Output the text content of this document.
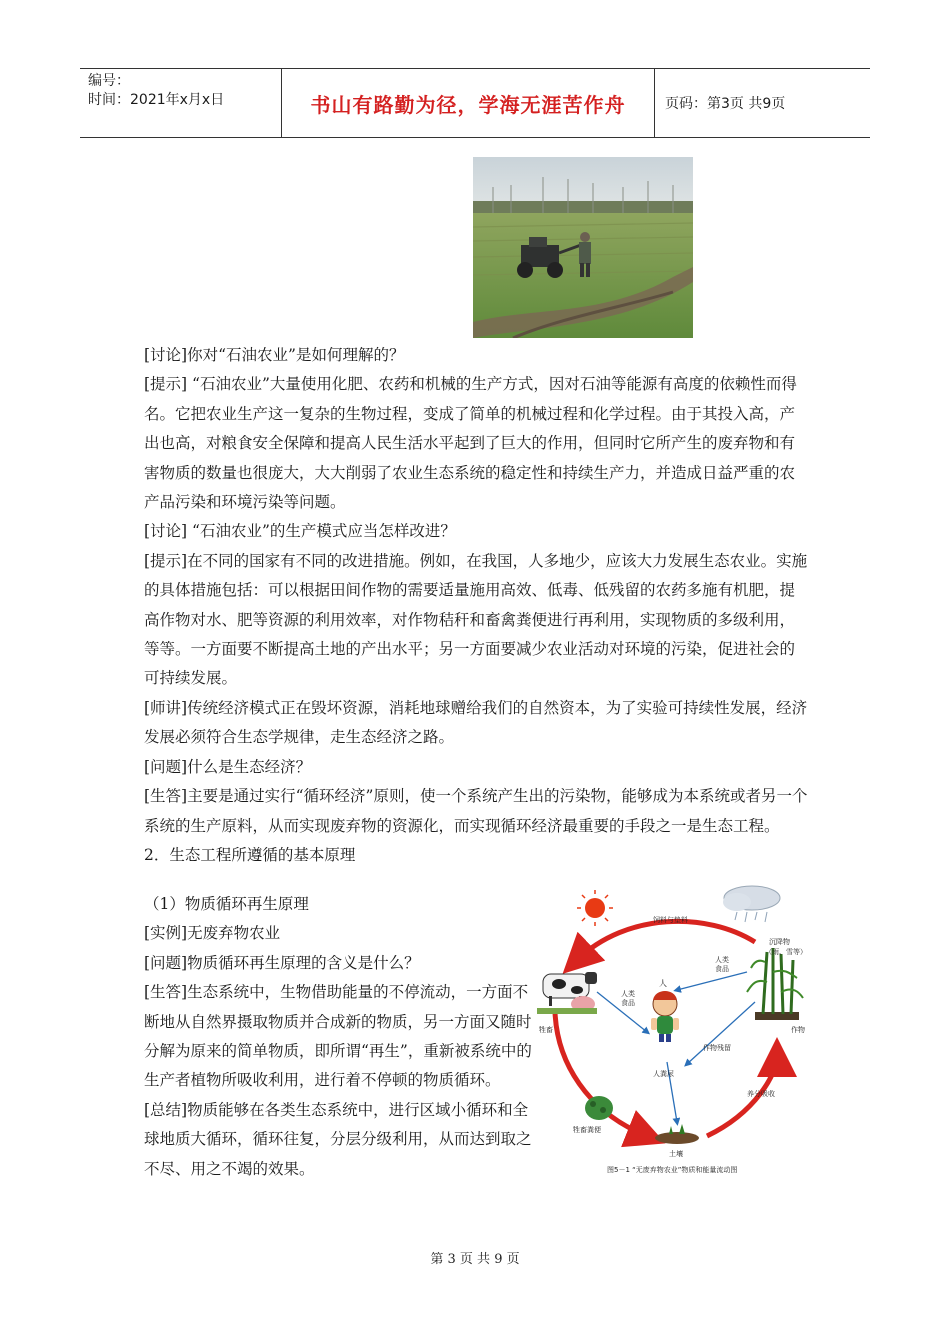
编号：
时间：2021年x月x日	书山有路勤为径，学海无涯苦作舟	页码：第3页 共9页

[讨论]你对“石油农业”是如何理解的？

[提示] “石油农业”大量使用化肥、农药和机械的生产方式，因对石油等能源有高度的依赖性而得名。它把农业生产这一复杂的生物过程，变成了简单的机械过程和化学过程。由于其投入高，产出也高，对粮食安全保障和提高人民生活水平起到了巨大的作用，但同时它所产生的废弃物和有害物质的数量也很庞大，大大削弱了农业生态系统的稳定性和持续生产力，并造成日益严重的农产品污染和环境污染等问题。

[讨论] “石油农业”的生产模式应当怎样改进？

[提示]在不同的国家有不同的改进措施。例如，在我国，人多地少，应该大力发展生态农业。实施的具体措施包括：可以根据田间作物的需要适量施用高效、低毒、低残留的农药多施有机肥，提高作物对水、肥等资源的利用效率，对作物秸秆和畜禽粪便进行再利用，实现物质的多级利用，等等。一方面要不断提高土地的产出水平；另一方面要减少农业活动对环境的污染，促进社会的可持续发展。

[师讲]传统经济模式正在毁坏资源，消耗地球赠给我们的自然资本，为了实验可持续性发展，经济发展必须符合生态学规律，走生态经济之路。

[问题]什么是生态经济？

[生答]主要是通过实行“循环经济”原则，使一个系统产生出的污染物，能够成为本系统或者另一个系统的生产原料，从而实现废弃物的资源化，而实现循环经济最重要的手段之一是生态工程。

2．生态工程所遵循的基本原理

（1）物质循环再生原理

[实例]无废弃物农业

[问题]物质循环再生原理的含义是什么？

[生答]生态系统中，生物借助能量的不停流动，一方面不断地从自然界摄取物质并合成新的物质，另一方面又随时分解为原来的简单物质，即所谓“再生”，重新被系统中的生产者植物所吸收利用，进行着不停顿的物质循环。

[总结]物质能够在各类生态系统中，进行区域小循环和全球地质大循环，循环往复，分层分级利用，从而达到取之不尽、用之不竭的效果。

饲料与垫料
沉降物
（雨、雪等）
人类
食品
人
人类
食品
牲畜	作物
作物残留
人粪尿
养分吸收
牲畜粪便
土壤
图5－1 “无废弃物农业”物质和能量流动图
第 3 页 共 9 页
